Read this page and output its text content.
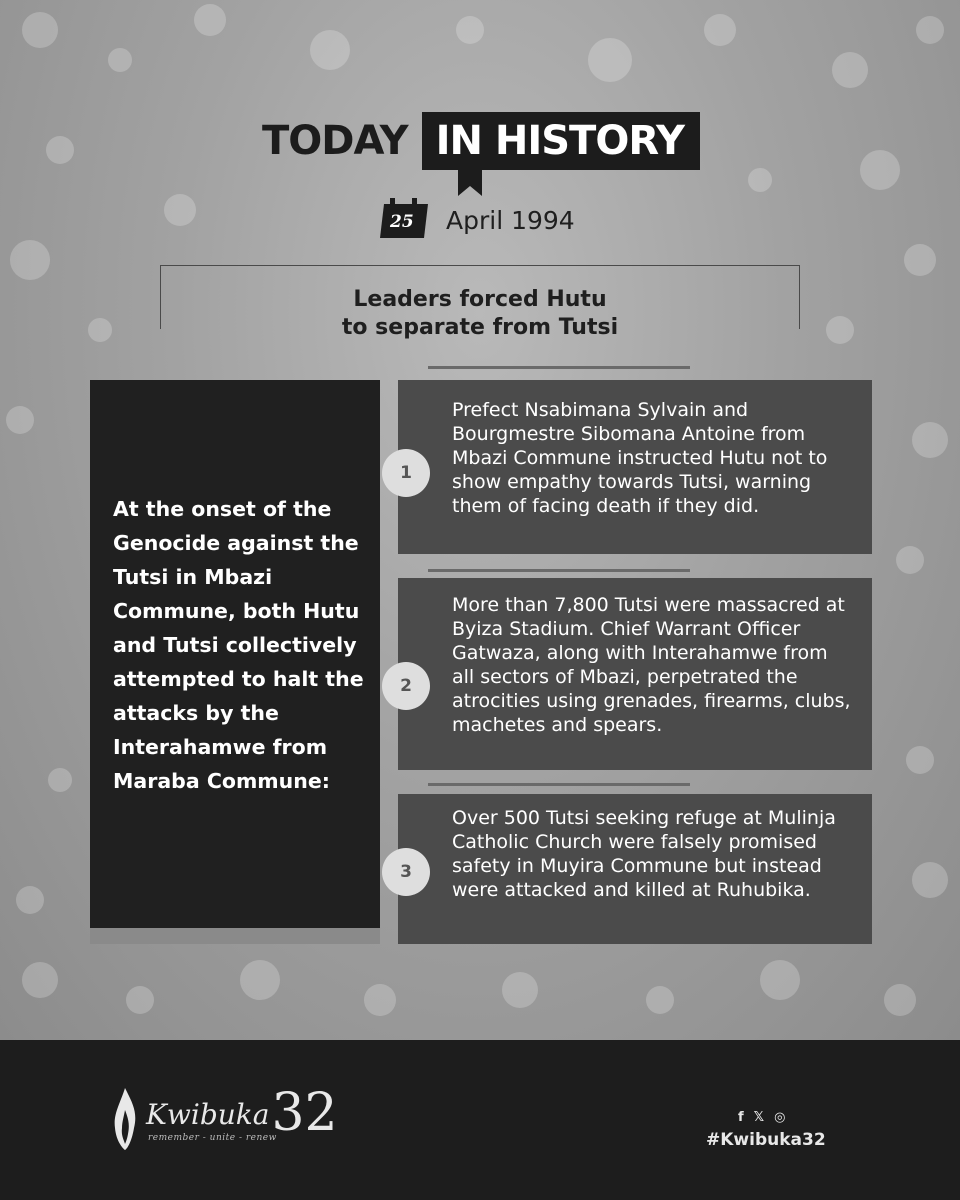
TODAY IN HISTORY
25 April 1994
Leaders forced Hutu
to separate from Tutsi
At the onset of the Genocide against the Tutsi in Mbazi Commune, both Hutu and Tutsi collectively attempted to halt the attacks by the Interahamwe from Maraba Commune:
Prefect Nsabimana Sylvain and Bourgmestre Sibomana Antoine from Mbazi Commune instructed Hutu not to show empathy towards Tutsi, warning them of facing death if they did.
1
More than 7,800 Tutsi were massacred at Byiza Stadium. Chief Warrant Officer Gatwaza, along with Interahamwe from all sectors of Mbazi, perpetrated the atrocities using grenades, firearms, clubs, machetes and spears.
2
Over 500 Tutsi seeking refuge at Mulinja Catholic Church were falsely promised safety in Muyira Commune but instead were attacked and killed at Ruhubika.
3
Kwibuka 32
remember - unite - renew
f 𝕏 ◎
#Kwibuka32
